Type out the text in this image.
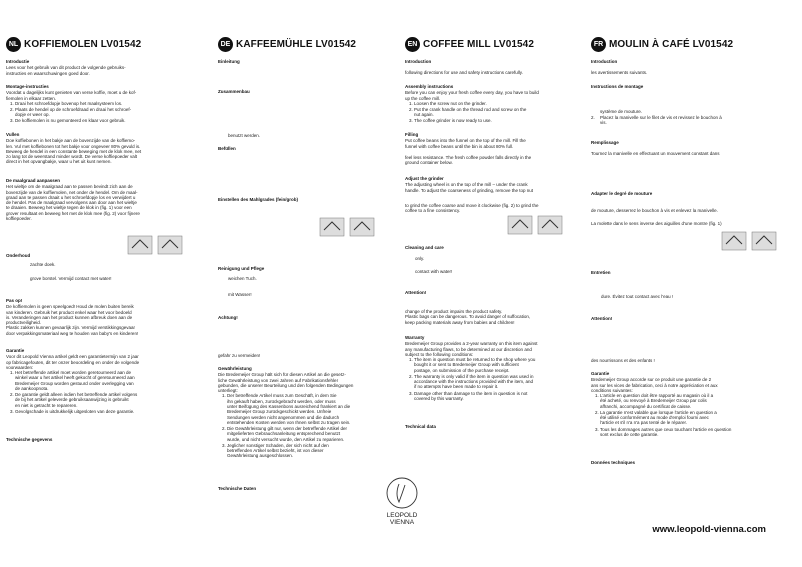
NL KOFFIEMOLEN LV01542	DE KAFFEEMÜHLE LV01542	EN COFFEE MILL LV01542	FR MOULIN À CAFÉ LV01542
Introductie
Lees voor het gebruik van dit product de volgende gebruiks-
instructies en waarschuwingen goed door.
Montage-instructies
Voordat u dagelijks kunt genieten van verse koffie, moet u de kof-
fiemolen in elkaar zetten.
1. Draai het schroefdopje bovenop het maalsysteem los.
2. Plaats de hendel op de schroefdraad en draai het schroef-
dopje er weer op.
3. De koffiemolen is nu gemonteerd en klaar voor gebruik.
Vullen
Doe koffiebonen in het bakje aan de bovenzijde van de koffiemo-
len. Vul met koffiebonen tot het bakje voor ongeveer 80% gevuld is.
Beweeg de hendel in een constante beweging met de klok mee, net
zo lang tot de weerstand minder wordt. De verse koffiepoeder valt
direct in het opvangbakje, waar u het uit kunt nemen.
De maalgraad aanpassen
Het wieltje om de maalgraad aan te passen bevindt zich aan de
bovenzijde van de koffiemolen, net onder de hendel. Om de maal-
graad aan te passen draait u het schroefdopje los en verwijdert u
de hendel. Pas de maalgraad vervolgens aan door aan het wieltje
te draaien. Beweeg het wieltje tegen de klok in (fig. 1) voor een
grover resultaat en beweeg het met de klok mee (fig. 2) voor fijnere
koffiepoeder.
Onderhoud
zachte doek.
grove borstel. Vermijd contact met water!
Pas op!
De koffiemolen is geen speelgoed! Houd de molen buiten bereik
van kinderen. Gebruik het product enkel waar het voor bedoeld
is. Veranderingen aan het product kunnen afbreuk doen aan de
productveiligheid.
Plastic zakken kunnen gevaarlijk zijn. Vermijd verstikkingsgevaar
door verpakkingsmateriaal weg te houden van baby's en kinderen!
Garantie
Voor dit Leopold Vienna artikel geldt een garantietermijn van 2 jaar
op fabricagefouten, dit ter onzer beoordeling en onder de volgende
voorwaarden:
1. Het betreffende artikel moet worden geretourneerd aan de
winkel waar u het artikel heeft gekocht of geretourneerd aan
Bredemeijer Group worden gestuurd onder overlegging van
de aankoopnota.
2. De garantie geldt alleen indien het betreffende artikel volgens
de bij het artikel geleverde gebruiksaanwijzing is gebruikt
en niet is getracht te repareren.
3. Gevolgschade is uitdrukkelijk uitgesloten van deze garantie.
Technische gegevens
Einleitung
Zusammenbau
benutzt werden.
Befüllen
Einstellen des Mahlgrades (fein/grob)
Reinigung und Pflege
weichen Tuch.
mit Wasser!
Achtung!
gefahr zu vermeiden!
Gewährleistung
Die Bredemeijer Group hält sich für diesen Artikel an die gesetz-
liche Gewährleistung von zwei Jahren auf Fabrikationsfehler
gebunden, die unserer Beurteilung und den folgenden Bedingungen
unterliegt:
1. Der betreffende Artikel muss zum Geschäft, in dem Sie
ihn gekauft haben, zurückgebracht werden, oder muss
unter Beifügung des Kassenbons ausreichend frankiert an die
Bredemeijer Group zurückgeschickt werden. Unfreie
Sendungen werden nicht angenommen und die dadurch
entstehenden Kosten werden von Ihnen selbst zu tragen sein.
2. Die Gewährleistung gilt nur, wenn der betreffende Artikel der
mitgelieferten Gebrauchsanleitung entsprechend benutzt
wurde, und nicht versucht wurde, den Artikel zu reparieren.
3. Jeglicher sonstiger Schaden, der sich nicht auf den
betreffenden Artikel selbst bezieht, ist von dieser
Gewährleistung ausgeschlossen.
Technische Daten
Introduction
following directions for use and safety instructions carefully.
Assembly instructions
Before you can enjoy your fresh coffee every day, you have to build
up the coffee mill.
1. Loosen the screw nut on the grinder.
2. Put the crank handle on the thread rod and screw on the
nut again.
3. The coffee grinder is now ready to use.
Filling
Put coffee beans into the funnel on the top of the mill. Fill the
funnel with coffee beans until the bin is about 80% full.
feel less resistance. The fresh coffee powder falls directly in the
ground container below.
Adjust the grinder
The adjusting wheel is on the top of the mill – under the crank
handle. To adjust the coarseness of grinding, remove the top nut
to grind the coffee coarse and move it clockwise (fig. 2) to grind the
coffee to a fine consistency.
Cleaning and care
only.
contact with water!
Attention!
change of the product impairs the product safety.
Plastic bags can be dangerous. To avoid danger of suffocation,
keep packing materials away from babies and children!
Warranty
Bredemeijer Group provides a 2-year warranty on this item against
any manufacturing flaws, to be determined at our discretion and
subject to the following conditions:
1. The item in question must be returned to the shop where you
bought it or sent to Bredemeijer Group with sufficient
postage, on submission of the purchase receipt.
2. The warranty is only valid if the item in question was used in
accordance with the instructions provided with the item, and
if no attempts have been made to repair it.
3. Damage other than damage to the item in question is not
covered by this warranty.
Technical data
Introduction
les avertissements suivants.
Instructions de montage
système de mouture.
2. Placez la manivelle sur le filet de vis et revissez le bouchon à
vis.
Remplissage
Tournez la manivelle en effectuant un mouvement constant dans
Adapter le degré de mouture
de mouture, desserrez le bouchon à vis et enlevez la manivelle.
La molette dans le sens inverse des aiguilles d'une montre (fig. 1)
Entretien
dure. Évitez tout contact avec l'eau !
Attention!
des nourrissons et des enfants !
Garantie
Bredemeijer Group accorde sur ce produit une garantie de 2
ans sur les vices de fabrication, ceci à notre appréciation et aux
conditions suivantes:
1. L'article en question doit être rapporté au magasin où il a
été acheté, ou renvoyé à Bredemeijer Group par colis
affranchi, accompagné du certificat de caisse.
2. La garantie n'est valable que lorsque l'article en question a
été utilisé conformément au mode d'emploi fourni avec
l'article et s'il n'a n'a pas tenté de le réparer.
3. Tous les dommages autres que ceux touchant l'article en question
sont exclus de cette garantie.
Données techniques
LEOPOLD
VIENNA
www.leopold-vienna.com
